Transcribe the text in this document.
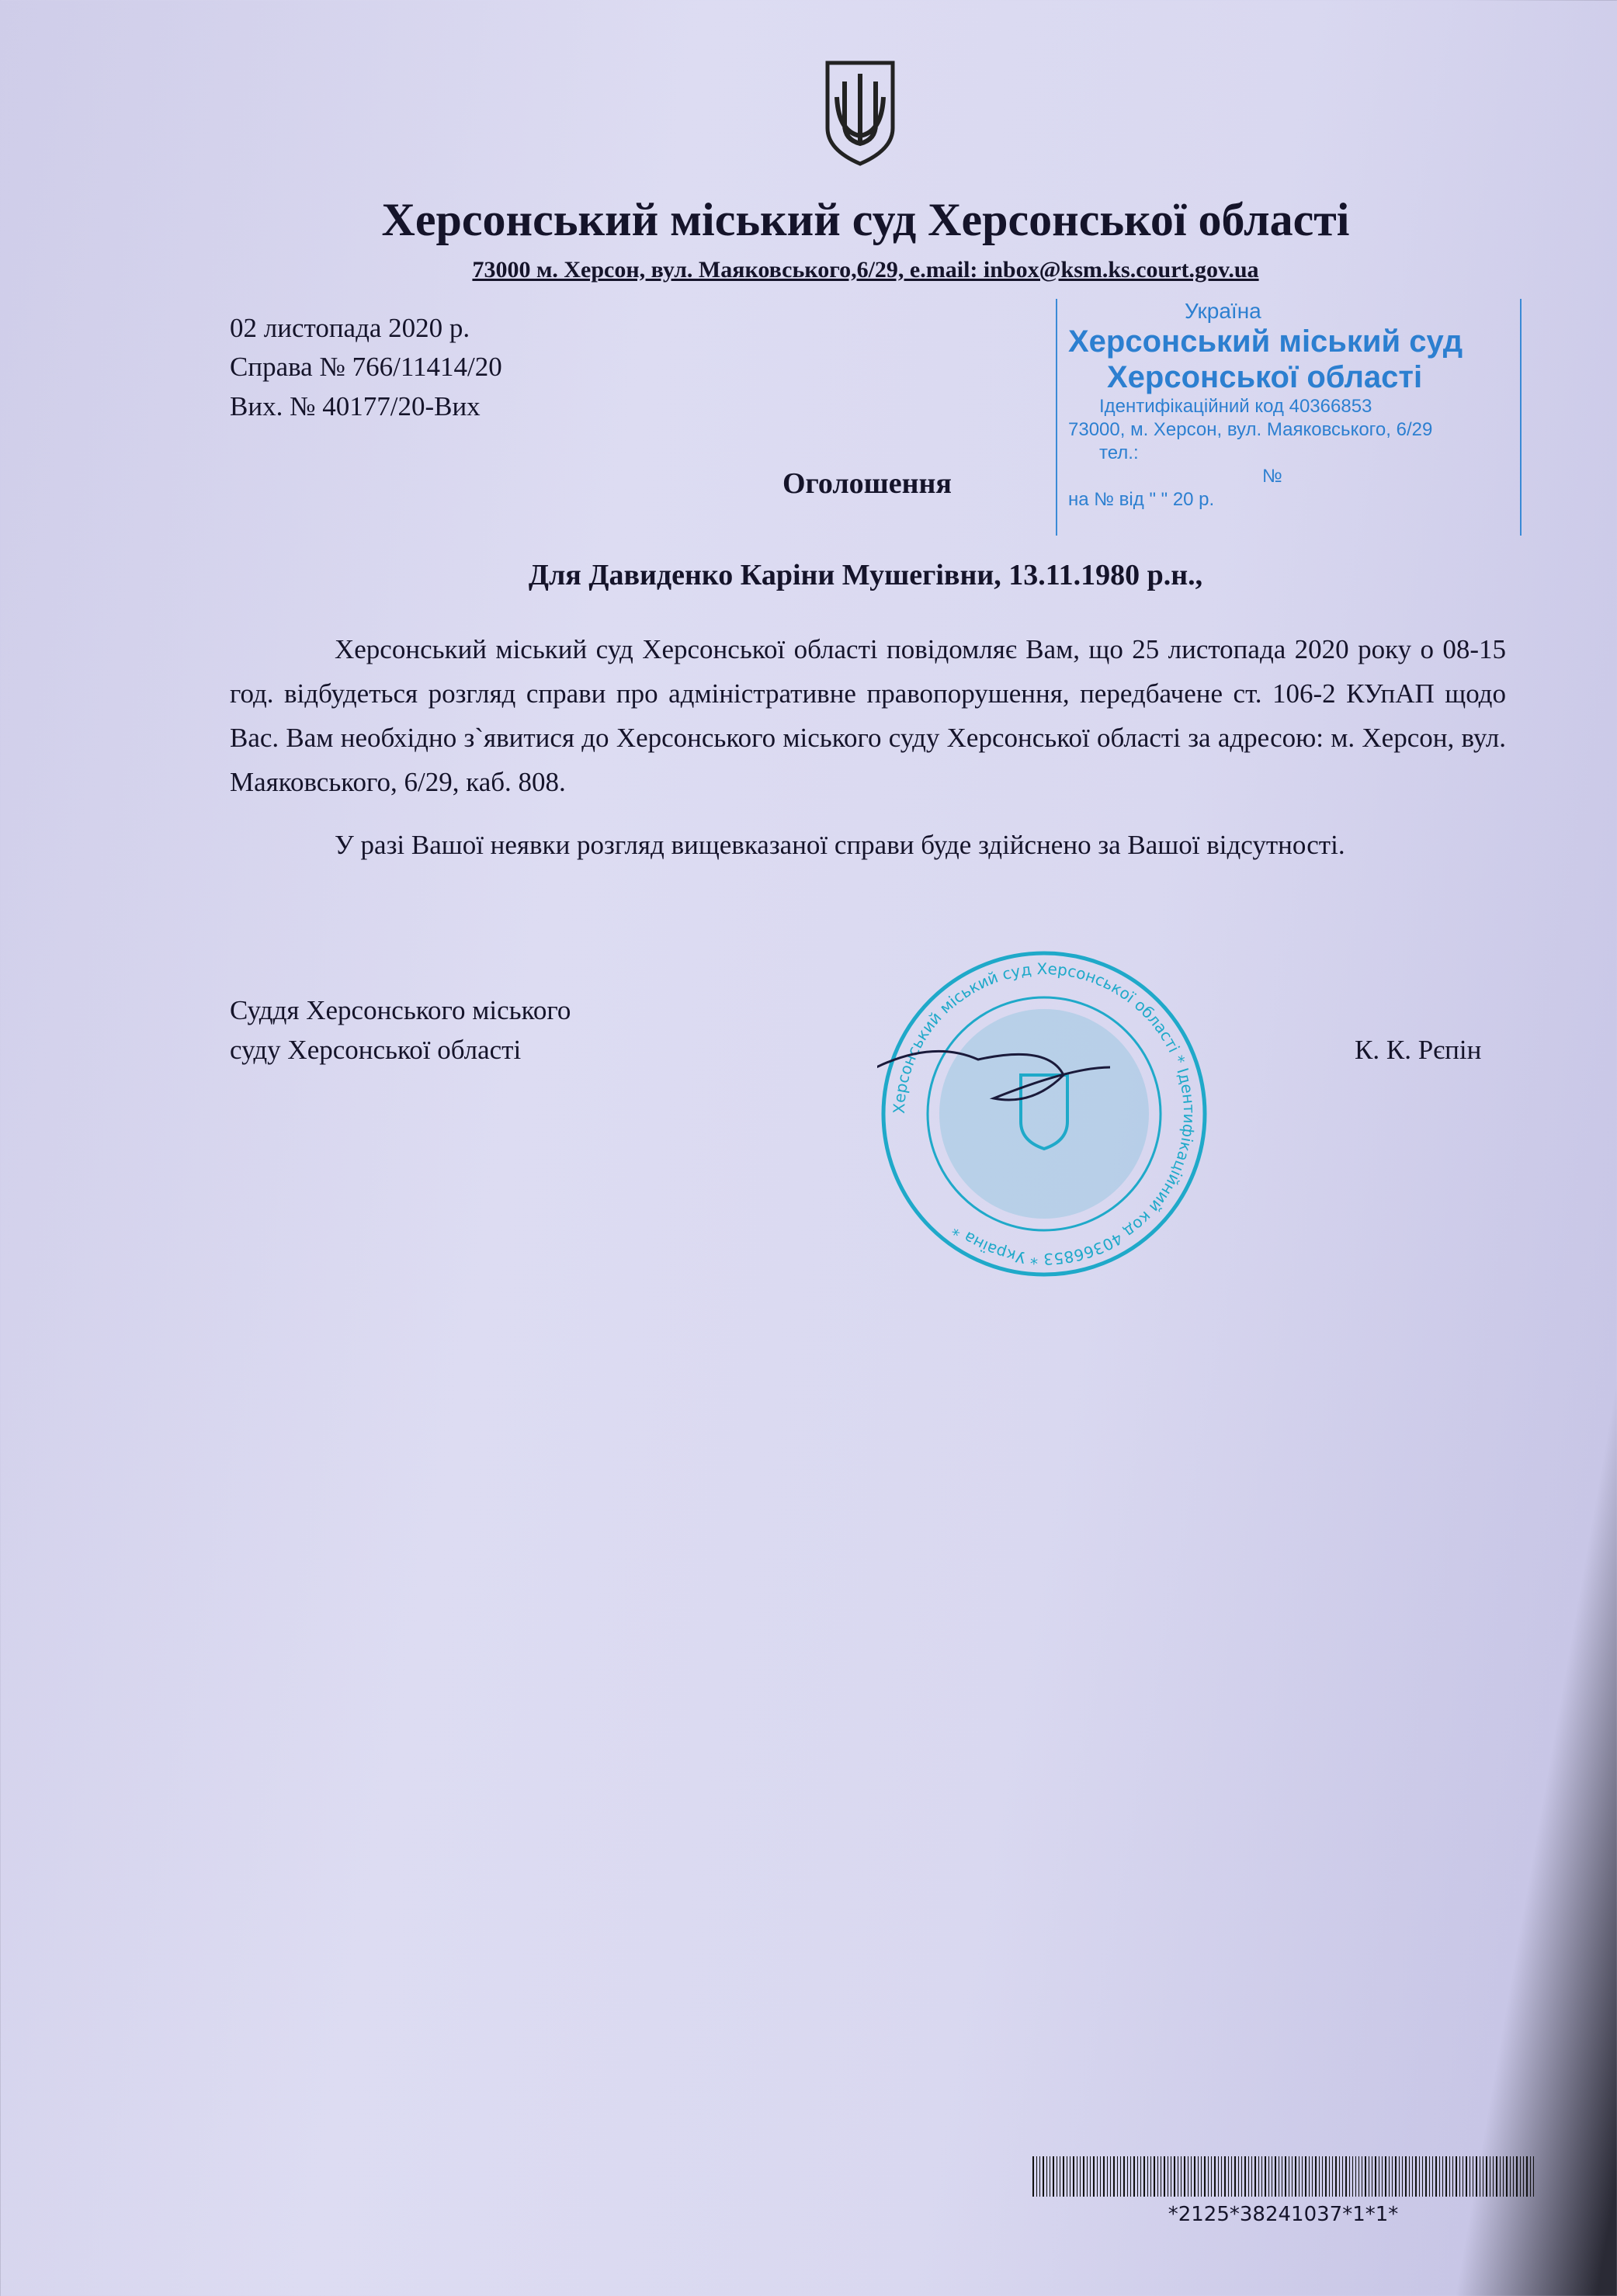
Херсонський міський суд Херсонської області
73000 м. Херсон, вул. Маяковського,6/29, e.mail: inbox@ksm.ks.court.gov.ua
Україна
Херсонський міський суд
Херсонської області
Ідентифікаційний код 40366853
73000, м. Херсон, вул. Маяковського, 6/29
тел.:
№
на № від " " 20 р.
02 листопада 2020 р.
Справа № 766/11414/20
Вих. № 40177/20-Вих
Оголошення
Для Давиденко Каріни Мушегівни, 13.11.1980 р.н.,
Херсонський міський суд Херсонської області повідомляє Вам, що 25 листопада 2020 року о 08-15 год. відбудеться розгляд справи про адміністративне правопорушення, передбачене ст. 106-2 КУпАП щодо Вас. Вам необхідно з`явитися до Херсонського міського суду Херсонської області за адресою: м. Херсон, вул. Маяковського, 6/29, каб. 808.
У разі Вашої неявки розгляд вищевказаної справи буде здійснено за Вашої відсутності.
Суддя Херсонського міського
суду Херсонської області	К. К. Рєпін
Херсонський міський суд Херсонської області * Ідентифікаційний код 40366853 * Україна *
*2125*38241037*1*1*
